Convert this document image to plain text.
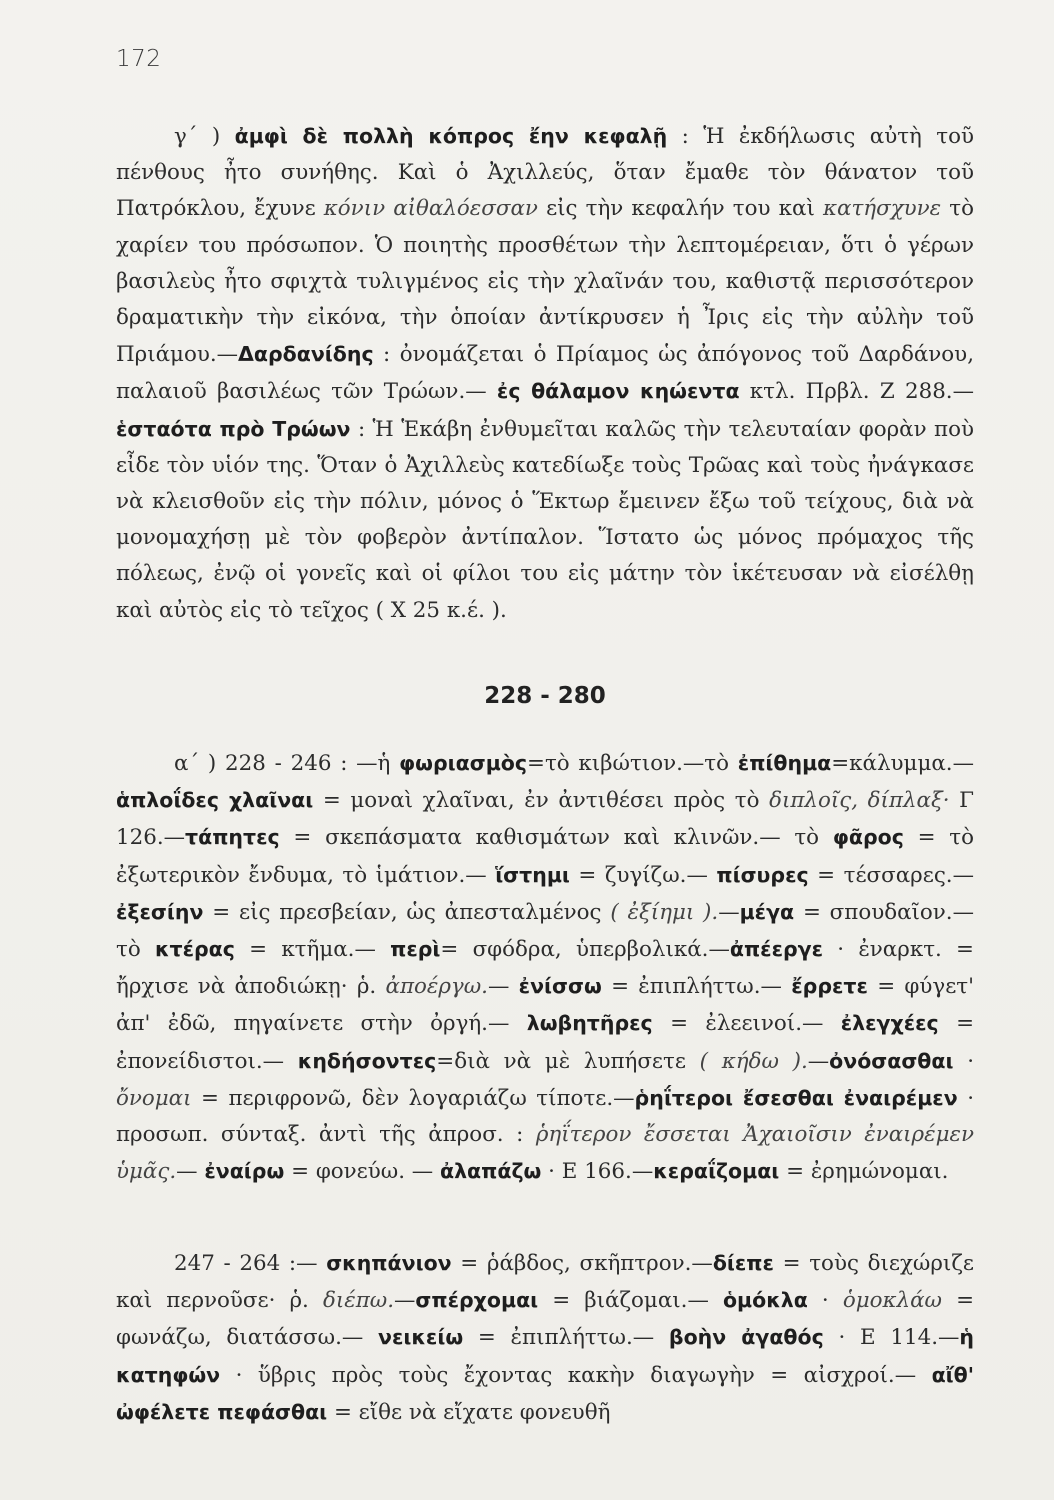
172

γ΄ ) ἀμφὶ δὲ πολλὴ κόπρος ἔην κεφαλῇ : Ἡ ἐκδήλωσις αὐτὴ τοῦ πένθους ἦτο συνήθης. Καὶ ὁ Ἀχιλλεύς, ὅταν ἔμαθε τὸν θάνατον τοῦ Πατρόκλου, ἔχυνε κόνιν αἰθαλόεσσαν εἰς τὴν κεφαλήν του καὶ κατήσχυνε τὸ χαρίεν του πρόσωπον. Ὁ ποιητὴς προσθέτων τὴν λεπτομέρειαν, ὅτι ὁ γέρων βασιλεὺς ἦτο σφιχτὰ τυλιγμένος εἰς τὴν χλαῖνάν του, καθιστᾷ περισσότερον δραματικὴν τὴν εἰκόνα, τὴν ὁποίαν ἀντίκρυσεν ἡ Ἶρις εἰς τὴν αὐλὴν τοῦ Πριάμου.—Δαρδανίδης : ὀνομάζεται ὁ Πρίαμος ὡς ἀπόγονος τοῦ Δαρδάνου, παλαιοῦ βασιλέως τῶν Τρώων.— ἐς θάλαμον κηώεντα κτλ. Πρβλ. Ζ 288.—ἑσταότα πρὸ Τρώων : Ἡ Ἑκάβη ἐνθυμεῖται καλῶς τὴν τελευταίαν φορὰν ποὺ εἶδε τὸν υἱόν της. Ὅταν ὁ Ἀχιλλεὺς κατεδίωξε τοὺς Τρῶας καὶ τοὺς ἠνάγκασε νὰ κλεισθοῦν εἰς τὴν πόλιν, μόνος ὁ Ἕκτωρ ἔμεινεν ἔξω τοῦ τείχους, διὰ νὰ μονομαχήσῃ μὲ τὸν φοβερὸν ἀντίπαλον. Ἵστατο ὡς μόνος πρόμαχος τῆς πόλεως, ἐνῷ οἱ γονεῖς καὶ οἱ φίλοι του εἰς μάτην τὸν ἱκέτευσαν νὰ εἰσέλθῃ καὶ αὐτὸς εἰς τὸ τεῖχος ( Χ 25 κ.έ. ).

228 - 280

α΄ ) 228 - 246 : —ἡ φωριασμὸς=τὸ κιβώτιον.—τὸ ἐπίθημα=κάλυμμα.— ἁπλοΐδες χλαῖναι = μοναὶ χλαῖναι, ἐν ἀντιθέσει πρὸς τὸ διπλοῖς, δίπλαξ· Γ 126.—τάπητες = σκεπάσματα καθισμάτων καὶ κλινῶν.— τὸ φᾶρος = τὸ ἐξωτερικὸν ἔνδυμα, τὸ ἱμάτιον.— ἵστημι = ζυγίζω.— πίσυρες = τέσσαρες.— ἐξεσίην = εἰς πρεσβείαν, ὡς ἀπεσταλμένος ( ἐξίημι ).—μέγα = σπουδαῖον.— τὸ κτέρας = κτῆμα.— περὶ= σφόδρα, ὑπερβολικά.—ἀπέεργε · ἐναρκτ. = ἤρχισε νὰ ἀποδιώκῃ· ῥ. ἀποέργω.— ἐνίσσω = ἐπιπλήττω.— ἔρρετε = φύγετ' ἀπ' ἐδῶ, πηγαίνετε στὴν ὀργή.— λωβητῆρες = ἐλεεινοί.— ἐλεγχέες = ἐπονείδιστοι.— κηδήσοντες=διὰ νὰ μὲ λυπήσετε ( κήδω ).—ὀνόσασθαι · ὄνομαι = περιφρονῶ, δὲν λογαριάζω τίποτε.—ῥηΐτεροι ἔσεσθαι ἐναιρέμεν · προσωπ. σύνταξ. ἀντὶ τῆς ἀπροσ. : ῥηΐτερον ἔσσεται Ἀχαιοῖσιν ἐναιρέμεν ὑμᾶς.— ἐναίρω = φονεύω. — ἀλαπάζω · Ε 166.—κεραΐζομαι = ἐρημώνομαι.

247 - 264 :— σκηπάνιον = ῥάβδος, σκῆπτρον.—δίεπε = τοὺς διεχώριζε καὶ περνοῦσε· ῥ. διέπω.—σπέρχομαι = βιάζομαι.— ὁμόκλα · ὁμοκλάω = φωνάζω, διατάσσω.— νεικείω = ἐπιπλήττω.— βοὴν ἀγαθός · Ε 114.—ἡ κατηφών · ὕβρις πρὸς τοὺς ἔχοντας κακὴν διαγωγὴν = αἰσχροί.— αἴθ' ὠφέλετε πεφάσθαι = εἴθε νὰ εἴχατε φονευθῆ
